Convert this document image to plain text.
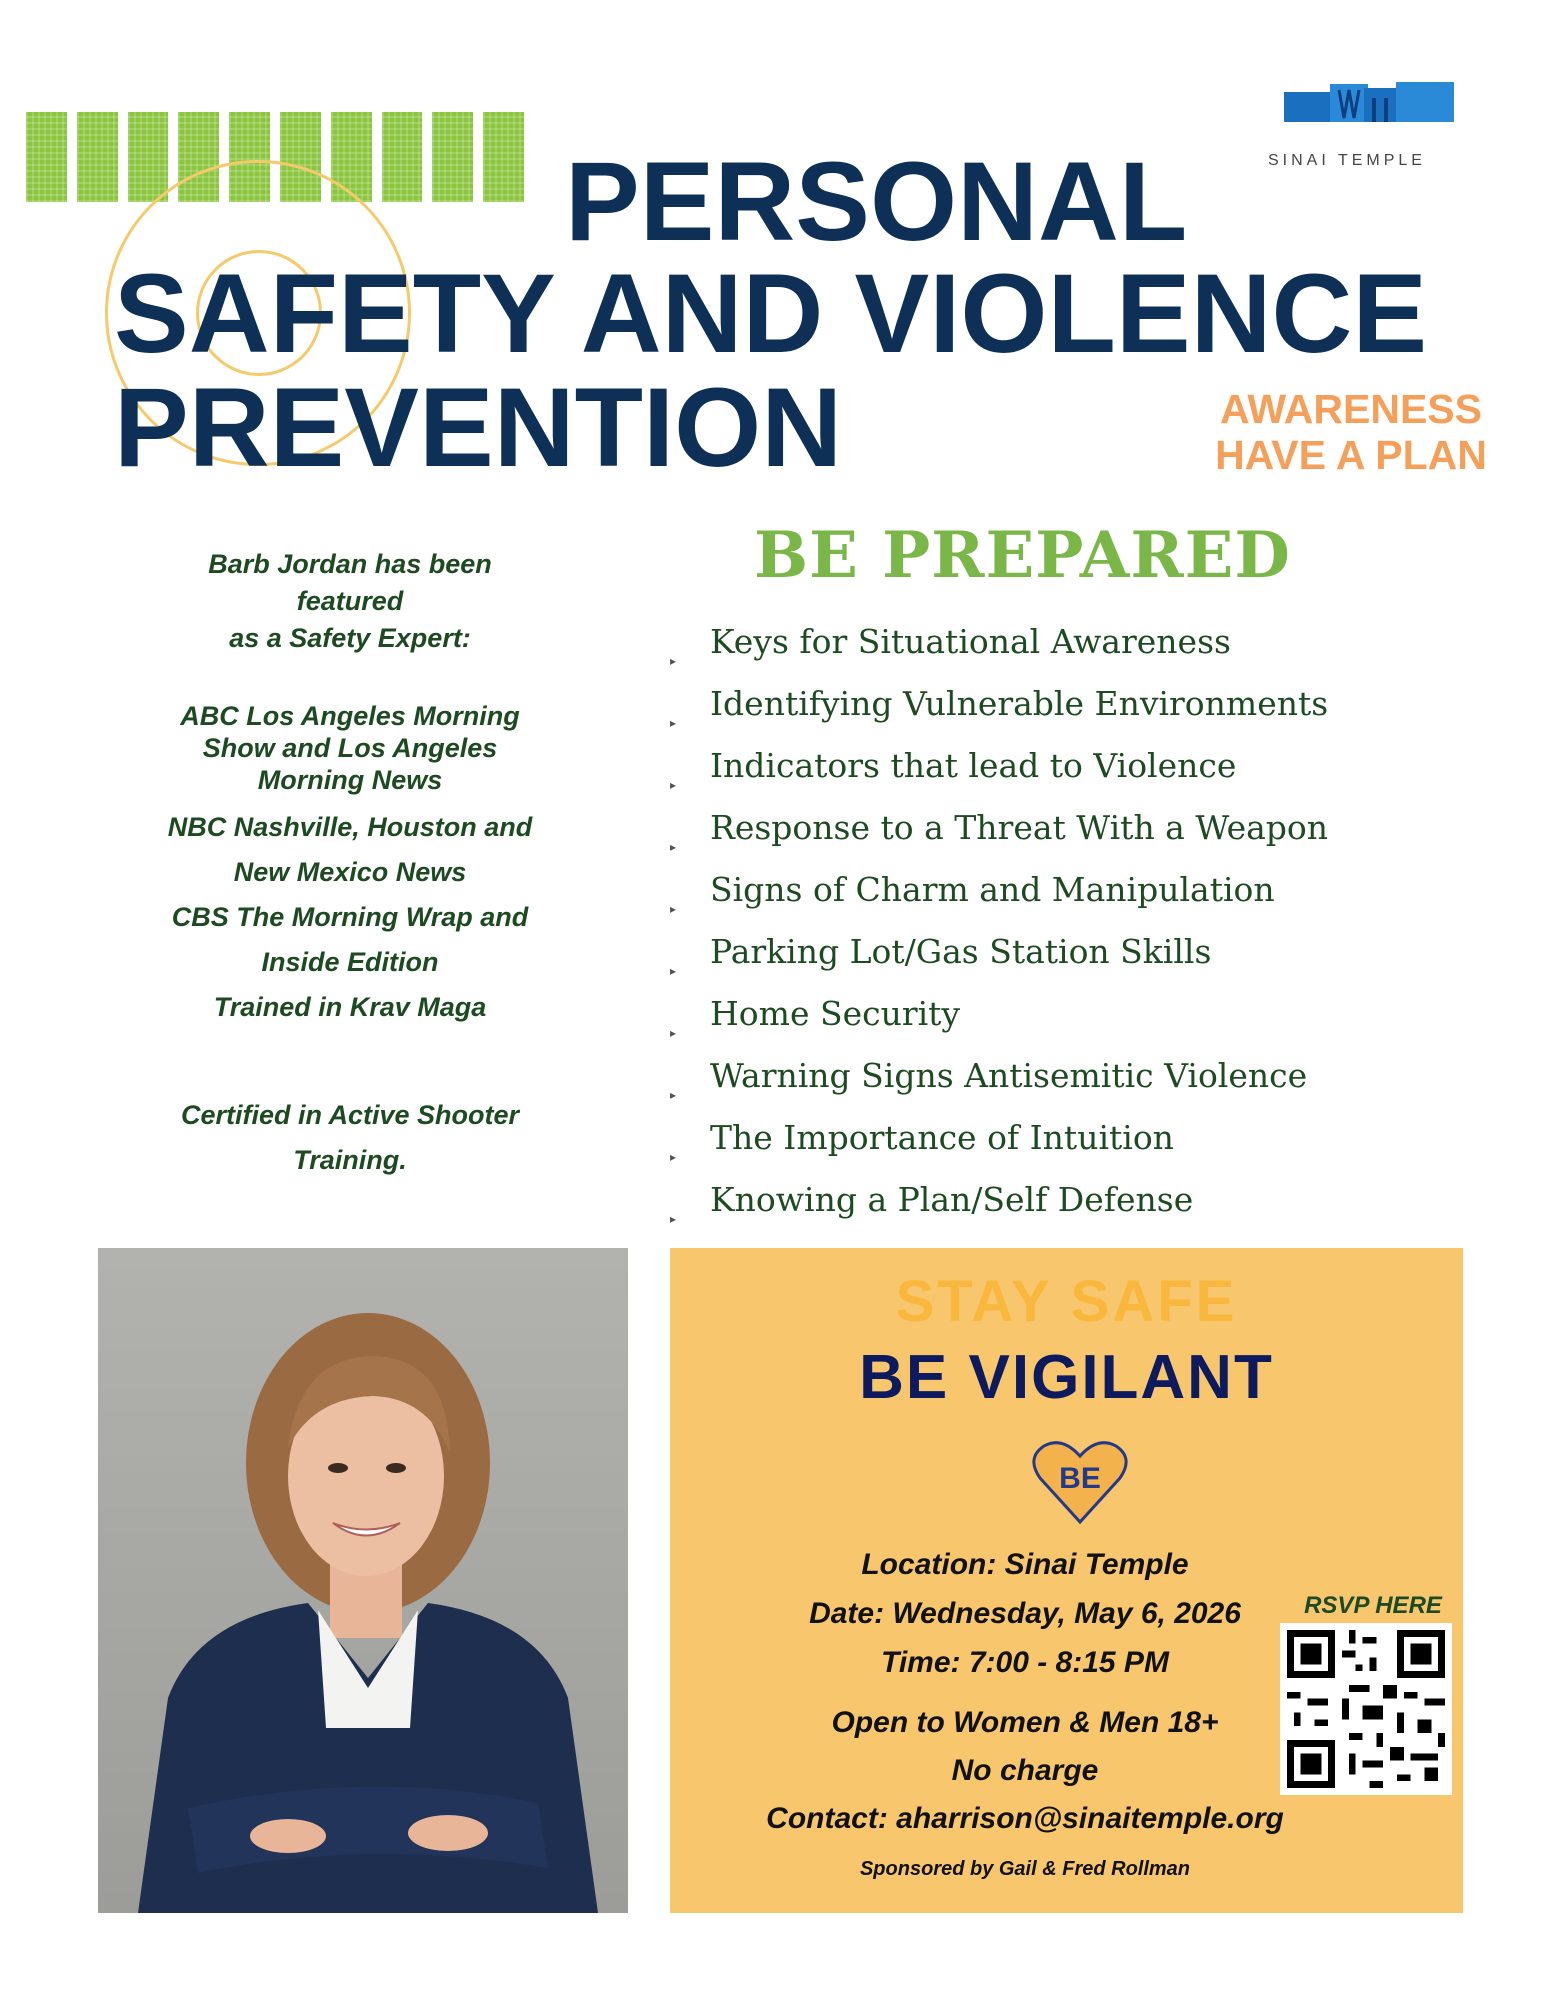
SINAI TEMPLE
PERSONAL
SAFETY AND VIOLENCE
PREVENTION	AWARENESS
HAVE A PLAN
Barb Jordan has been
featured
as a Safety Expert:
ABC Los Angeles Morning
Show and Los Angeles
Morning News
NBC Nashville, Houston and
New Mexico News
CBS The Morning Wrap and
Inside Edition
Trained in Krav Maga
Certified in Active Shooter
Training.
BE PREPARED
Keys for Situational Awareness
Identifying Vulnerable Environments
Indicators that lead to Violence
Response to a Threat With a Weapon
Signs of Charm and Manipulation
Parking Lot/Gas Station Skills
Home Security
Warning Signs Antisemitic Violence
The Importance of Intuition
Knowing a Plan/Self Defense
▸
▸
▸
▸
▸
▸
▸
▸
▸
▸
STAY SAFE
BE VIGILANT
BE
Location: Sinai Temple
Date: Wednesday, May 6, 2026
Time: 7:00 - 8:15 PM
Open to Women & Men 18+
No charge
Contact: aharrison@sinaitemple.org
Sponsored by Gail & Fred Rollman
RSVP HERE
